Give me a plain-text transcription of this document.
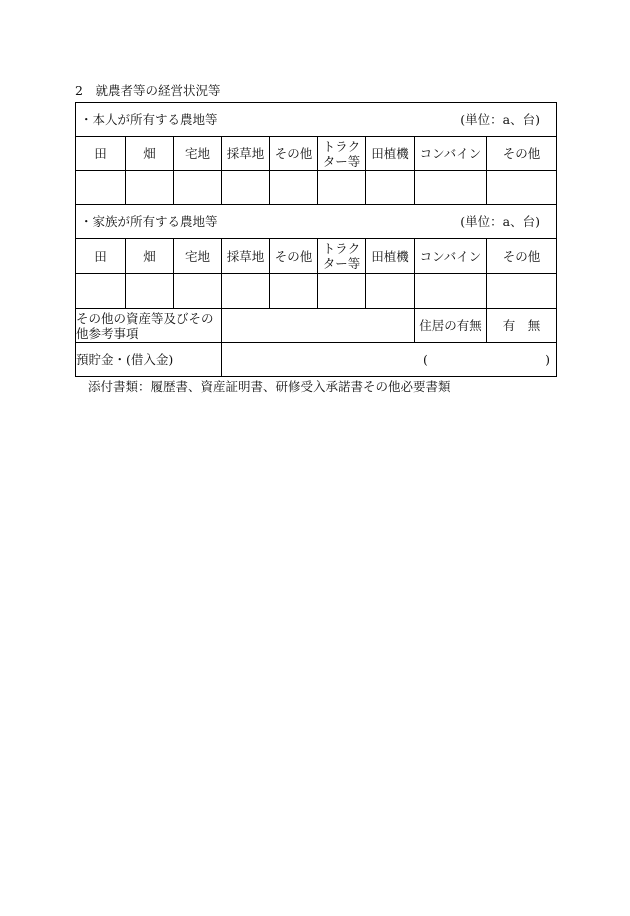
2　就農者等の経営状況等
・本人が所有する農地等 (単位：a、台)								

田	畑	宅地	採草地	その他	トラクター等	田植機	コンバイン	その他

・家族が所有する農地等 (単位：a、台)								

田	畑	宅地	採草地	その他	トラクター等	田植機	コンバイン	その他

その他の資産等及びその他参考事項							住居の有無	有　無
預貯金・(借入金)			( )					
添付書類：履歴書、資産証明書、研修受入承諾書その他必要書類
